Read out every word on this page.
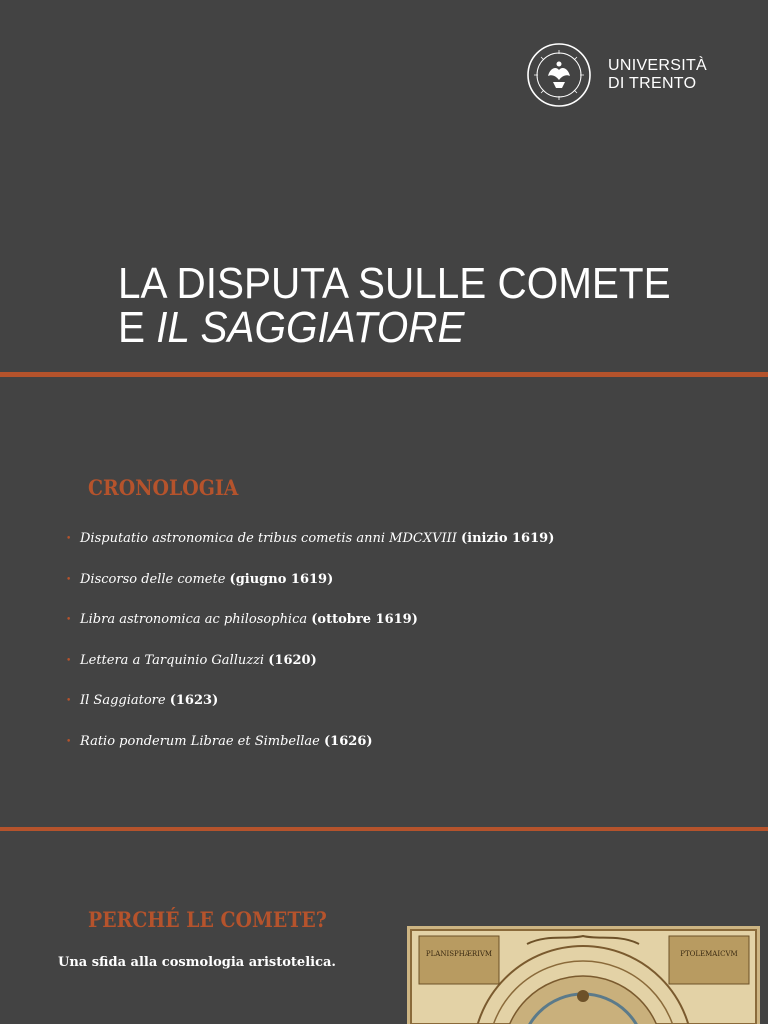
UNIVERSITÀ
DI TRENTO
LA DISPUTA SULLE COMETE
E IL SAGGIATORE
CRONOLOGIA
• Disputatio astronomica de tribus cometis anni MDCXVIII (inizio 1619)
• Discorso delle comete (giugno 1619)
• Libra astronomica ac philosophica (ottobre 1619)
• Lettera a Tarquinio Galluzzi (1620)
• Il Saggiatore (1623)
• Ratio ponderum Librae et Simbellae (1626)
PERCHÉ LE COMETE?

Una sfida alla cosmologia aristotelica.

PLANISPHÆRIVM	PTOLEMAICVM
